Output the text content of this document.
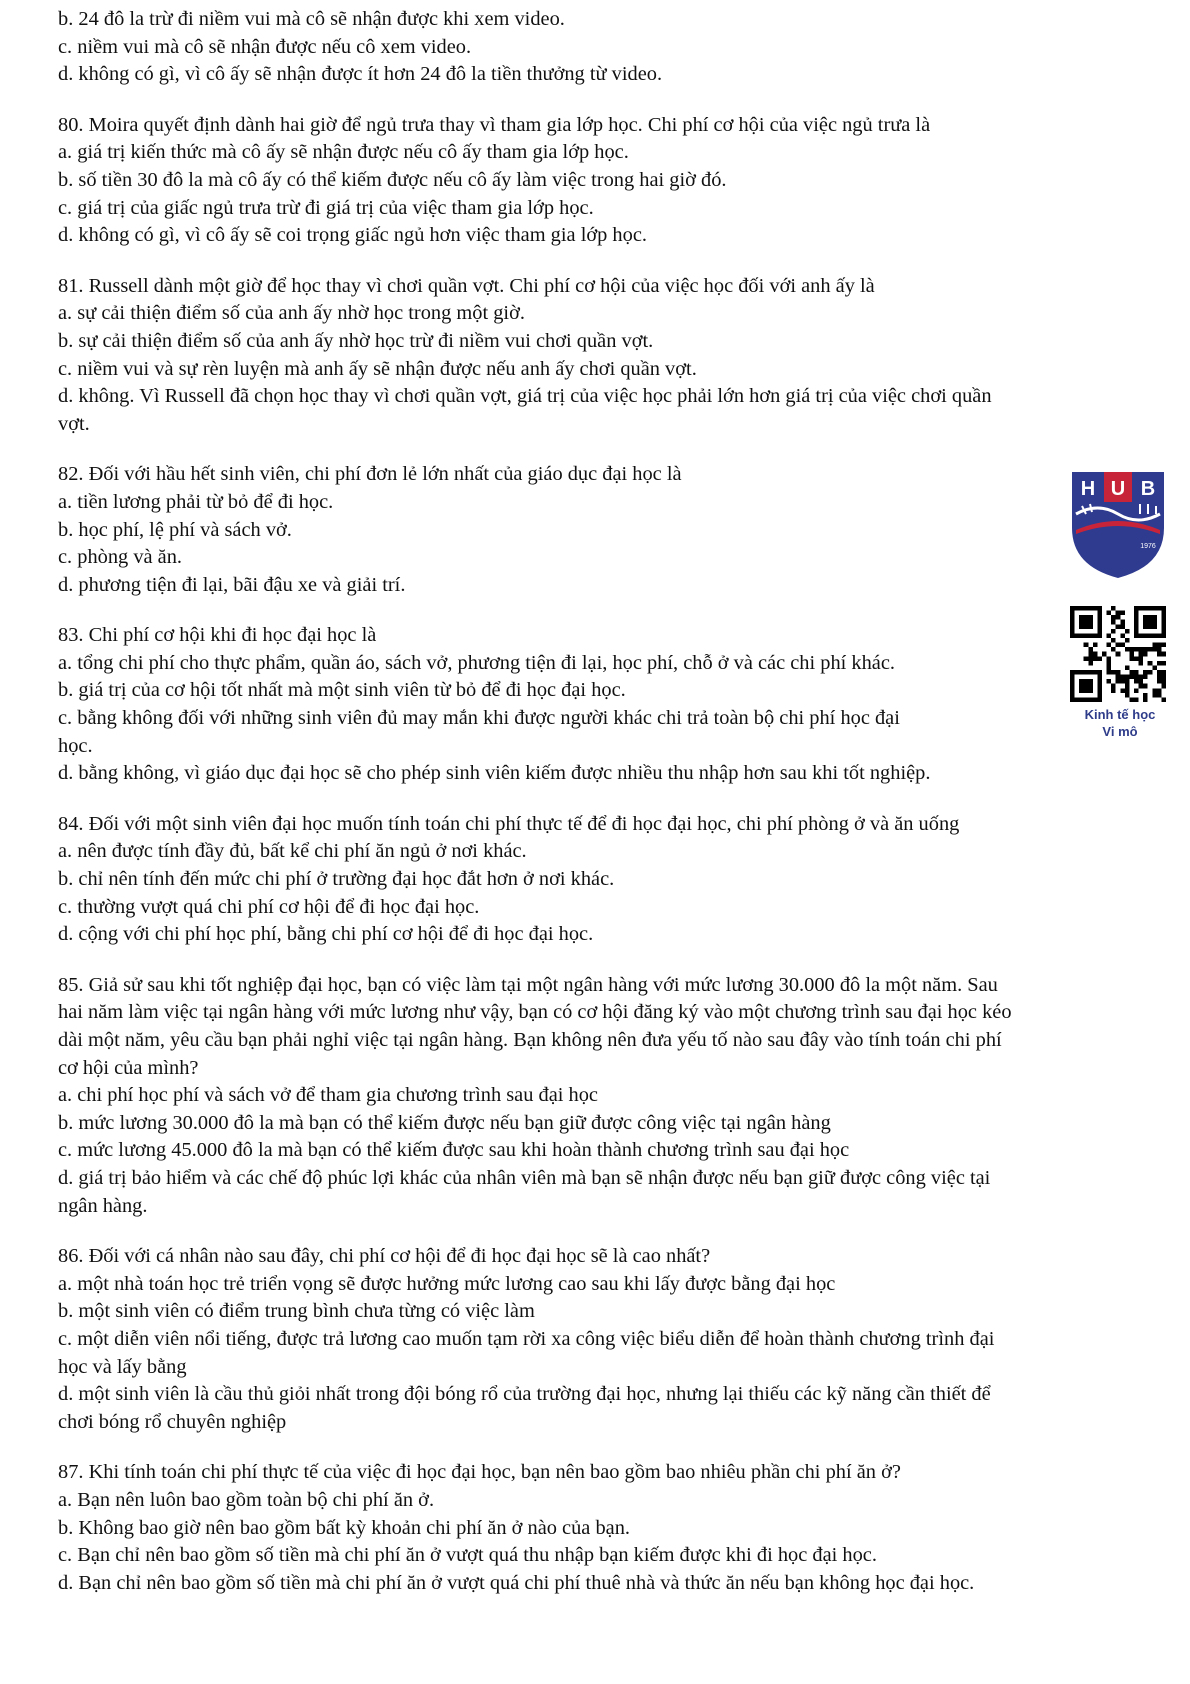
b. 24 đô la trừ đi niềm vui mà cô sẽ nhận được khi xem video.

c. niềm vui mà cô sẽ nhận được nếu cô xem video.

d. không có gì, vì cô ấy sẽ nhận được ít hơn 24 đô la tiền thưởng từ video.

80. Moira quyết định dành hai giờ để ngủ trưa thay vì tham gia lớp học. Chi phí cơ hội của việc ngủ trưa là

a. giá trị kiến thức mà cô ấy sẽ nhận được nếu cô ấy tham gia lớp học.

b. số tiền 30 đô la mà cô ấy có thể kiếm được nếu cô ấy làm việc trong hai giờ đó.

c. giá trị của giấc ngủ trưa trừ đi giá trị của việc tham gia lớp học.

d. không có gì, vì cô ấy sẽ coi trọng giấc ngủ hơn việc tham gia lớp học.

81. Russell dành một giờ để học thay vì chơi quần vợt. Chi phí cơ hội của việc học đối với anh ấy là

a. sự cải thiện điểm số của anh ấy nhờ học trong một giờ.

b. sự cải thiện điểm số của anh ấy nhờ học trừ đi niềm vui chơi quần vợt.

c. niềm vui và sự rèn luyện mà anh ấy sẽ nhận được nếu anh ấy chơi quần vợt.

d. không. Vì Russell đã chọn học thay vì chơi quần vợt, giá trị của việc học phải lớn hơn giá trị của việc chơi quần

vợt.

82. Đối với hầu hết sinh viên, chi phí đơn lẻ lớn nhất của giáo dục đại học là

a. tiền lương phải từ bỏ để đi học.

b. học phí, lệ phí và sách vở.

c. phòng và ăn.

d. phương tiện đi lại, bãi đậu xe và giải trí.

83. Chi phí cơ hội khi đi học đại học là

a. tổng chi phí cho thực phẩm, quần áo, sách vở, phương tiện đi lại, học phí, chỗ ở và các chi phí khác.

b. giá trị của cơ hội tốt nhất mà một sinh viên từ bỏ để đi học đại học.

c. bằng không đối với những sinh viên đủ may mắn khi được người khác chi trả toàn bộ chi phí học đại

học.

d. bằng không, vì giáo dục đại học sẽ cho phép sinh viên kiếm được nhiều thu nhập hơn sau khi tốt nghiệp.

84. Đối với một sinh viên đại học muốn tính toán chi phí thực tế để đi học đại học, chi phí phòng ở và ăn uống

a. nên được tính đầy đủ, bất kể chi phí ăn ngủ ở nơi khác.

b. chỉ nên tính đến mức chi phí ở trường đại học đắt hơn ở nơi khác.

c. thường vượt quá chi phí cơ hội để đi học đại học.

d. cộng với chi phí học phí, bằng chi phí cơ hội để đi học đại học.

85. Giả sử sau khi tốt nghiệp đại học, bạn có việc làm tại một ngân hàng với mức lương 30.000 đô la một năm. Sau

hai năm làm việc tại ngân hàng với mức lương như vậy, bạn có cơ hội đăng ký vào một chương trình sau đại học kéo

dài một năm, yêu cầu bạn phải nghỉ việc tại ngân hàng. Bạn không nên đưa yếu tố nào sau đây vào tính toán chi phí

cơ hội của mình?

a. chi phí học phí và sách vở để tham gia chương trình sau đại học

b. mức lương 30.000 đô la mà bạn có thể kiếm được nếu bạn giữ được công việc tại ngân hàng

c. mức lương 45.000 đô la mà bạn có thể kiếm được sau khi hoàn thành chương trình sau đại học

d. giá trị bảo hiểm và các chế độ phúc lợi khác của nhân viên mà bạn sẽ nhận được nếu bạn giữ được công việc tại

ngân hàng.

86. Đối với cá nhân nào sau đây, chi phí cơ hội để đi học đại học sẽ là cao nhất?

a. một nhà toán học trẻ triển vọng sẽ được hưởng mức lương cao sau khi lấy được bằng đại học

b. một sinh viên có điểm trung bình chưa từng có việc làm

c. một diễn viên nổi tiếng, được trả lương cao muốn tạm rời xa công việc biểu diễn để hoàn thành chương trình đại

học và lấy bằng

d. một sinh viên là cầu thủ giỏi nhất trong đội bóng rổ của trường đại học, nhưng lại thiếu các kỹ năng cần thiết để

chơi bóng rổ chuyên nghiệp

87. Khi tính toán chi phí thực tế của việc đi học đại học, bạn nên bao gồm bao nhiêu phần chi phí ăn ở?

a. Bạn nên luôn bao gồm toàn bộ chi phí ăn ở.

b. Không bao giờ nên bao gồm bất kỳ khoản chi phí ăn ở nào của bạn.

c. Bạn chỉ nên bao gồm số tiền mà chi phí ăn ở vượt quá thu nhập bạn kiếm được khi đi học đại học.

d. Bạn chỉ nên bao gồm số tiền mà chi phí ăn ở vượt quá chi phí thuê nhà và thức ăn nếu bạn không học đại học.

H U B
1976
Kinh tế học
Vi mô
